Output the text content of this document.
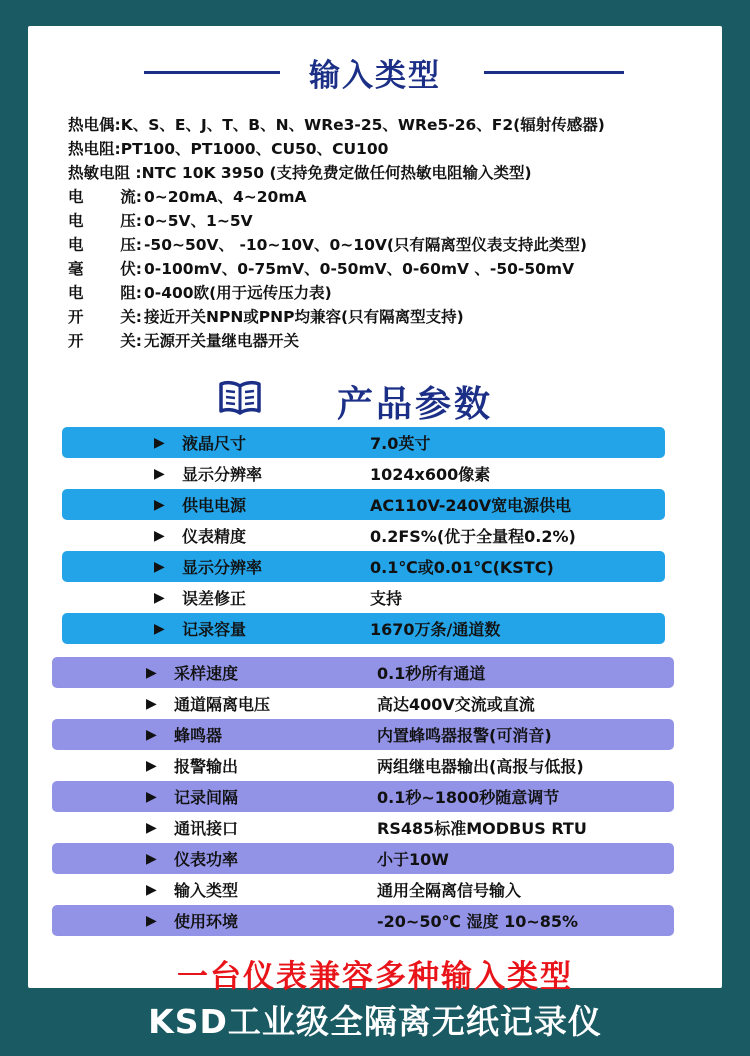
输入类型
热电偶: K、S、E、J、T、B、N、WRe3-25、WRe5-26、F2(辐射传感器)
热电阻: PT100、PT1000、CU50、CU100
热敏电阻 : NTC 10K 3950 (支持免费定做任何热敏电阻输入类型)
电 流: 0~20mA、4~20mA
电 压: 0~5V、1~5V
电 压: -50~50V、 -10~10V、0~10V(只有隔离型仪表支持此类型)
毫 伏: 0-100mV、0-75mV、0-50mV、0-60mV 、-50-50mV
电 阻: 0-400欧(用于远传压力表)
开 关: 接近开关NPN或PNP均兼容(只有隔离型支持)
开 关: 无源开关量继电器开关
产品参数
▶ 液晶尺寸	7.0英寸
▶ 显示分辨率	1024x600像素
▶ 供电电源	AC110V-240V宽电源供电
▶ 仪表精度	0.2FS%(优于全量程0.2%)
▶ 显示分辨率	0.1℃或0.01℃(KSTC)
▶ 误差修正	支持
▶ 记录容量	1670万条/通道数
▶ 采样速度	0.1秒所有通道
▶ 通道隔离电压	高达400V交流或直流
▶ 蜂鸣器	内置蜂鸣器报警(可消音)
▶ 报警输出	两组继电器输出(高报与低报)
▶ 记录间隔	0.1秒~1800秒随意调节
▶ 通讯接口	RS485标准MODBUS RTU
▶ 仪表功率	小于10W
▶ 输入类型	通用全隔离信号输入
▶ 使用环境	-20~50℃ 湿度 10~85%
一台仪表兼容多种输入类型
KSD工业级全隔离无纸记录仪
